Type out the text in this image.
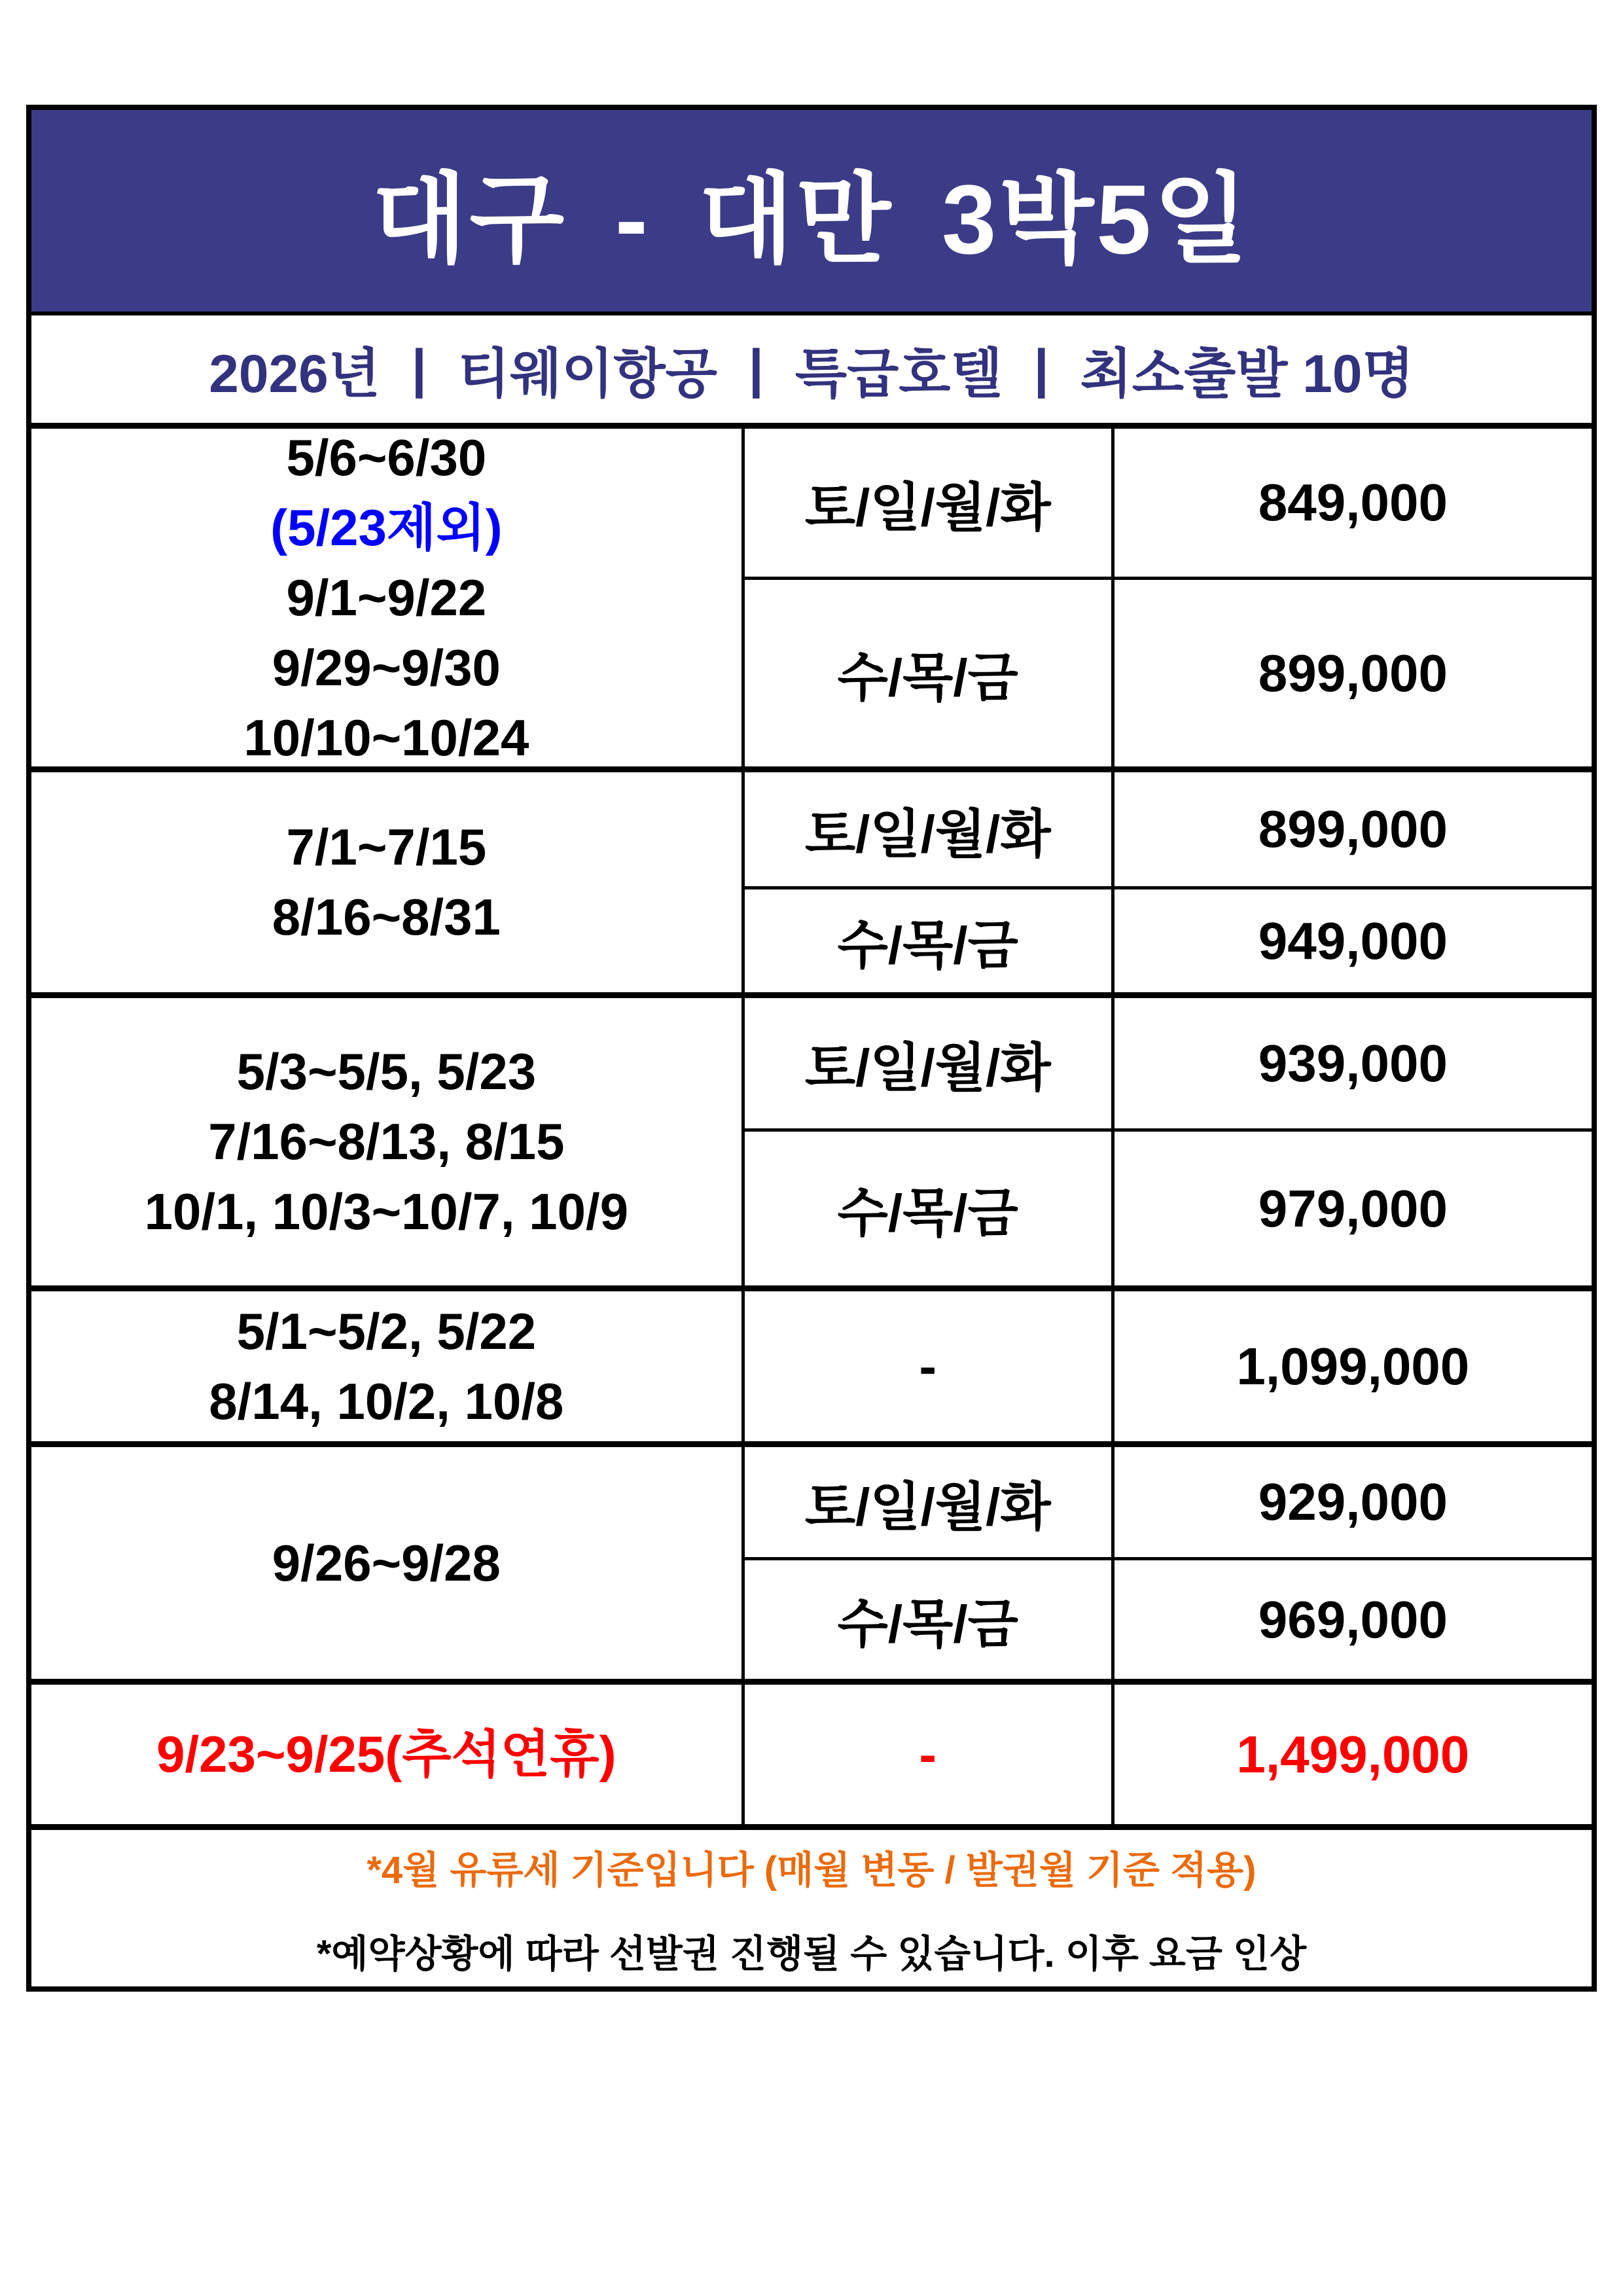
대구 - 대만 3박5일
2026년 | 티웨이항공 | 특급호텔 | 최소출발 10명
5/6~6/30
(5/23제외)
9/1~9/22
9/29~9/30
10/10~10/24
토/일/월/화	849,000
수/목/금	899,000
7/1~7/15
8/16~8/31
토/일/월/화	899,000
수/목/금	949,000
5/3~5/5, 5/23
7/16~8/13, 8/15
10/1, 10/3~10/7, 10/9
토/일/월/화	939,000
수/목/금	979,000
5/1~5/2, 5/22
8/14, 10/2, 10/8
-	1,099,000
9/26~9/28
토/일/월/화	929,000
수/목/금	969,000
9/23~9/25(추석연휴)	-	1,499,000
*4월 유류세 기준입니다 (매월 변동 / 발권월 기준 적용)
*예약상황에 따라 선발권 진행될 수 있습니다. 이후 요금 인상
